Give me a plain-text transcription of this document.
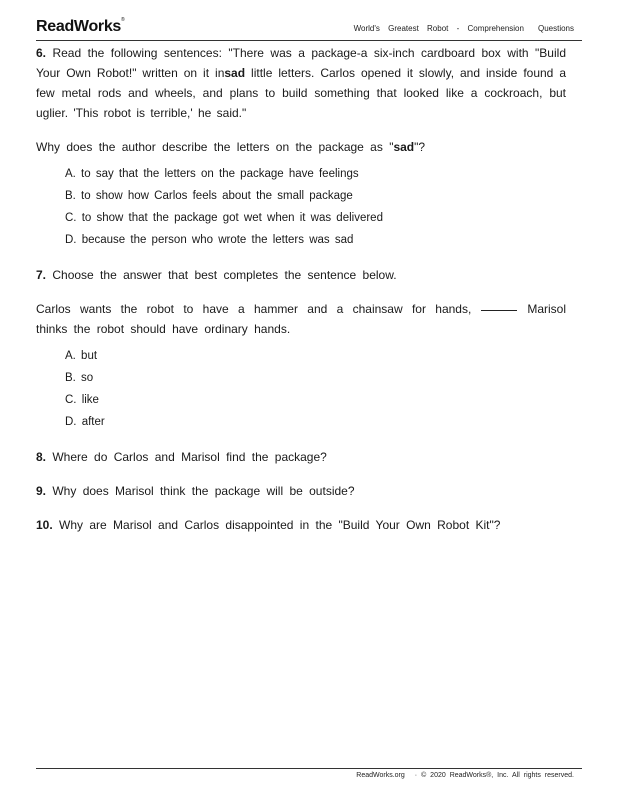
ReadWorks®
World's Greatest Robot - Comprehension Questions
6. Read the following sentences: "There was a package-a six-inch cardboard box with "Build Your Own Robot!" written on it insad little letters. Carlos opened it slowly, and inside found a few metal rods and wheels, and plans to build something that looked like a cockroach, but uglier. 'This robot is terrible,' he said."
Why does the author describe the letters on the package as "sad"?
A. to say that the letters on the package have feelings
B. to show how Carlos feels about the small package
C. to show that the package got wet when it was delivered
D. because the person who wrote the letters was sad
7. Choose the answer that best completes the sentence below.
Carlos wants the robot to have a hammer and a chainsaw for hands,	Marisol thinks the robot should have ordinary hands.
A. but
B. so
C. like
D. after
8. Where do Carlos and Marisol find the package?
9. Why does Marisol think the package will be outside?
10. Why are Marisol and Carlos disappointed in the "Build Your Own Robot Kit"?
ReadWorks.org · © 2020 ReadWorks®, Inc. All rights reserved.
